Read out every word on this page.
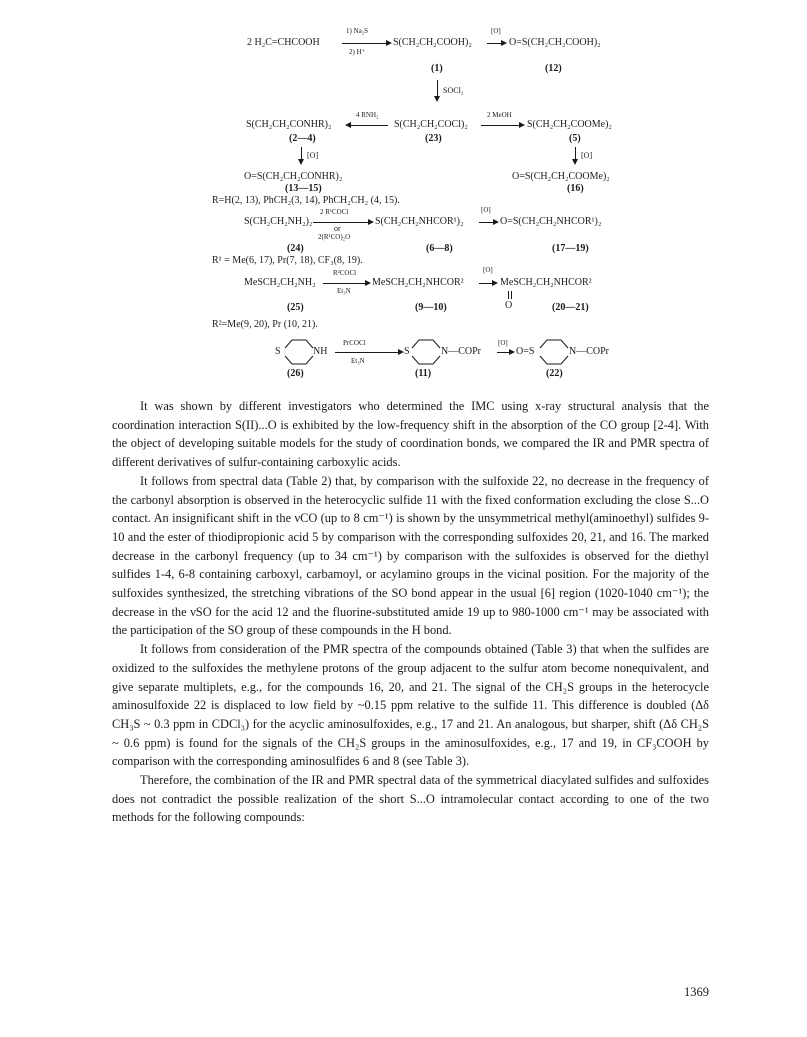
2 H₂C=CHCOOH
1) Na₂S
2) H⁺
S(CH₂CH₂COOH)₂
[O]
O=S(CH₂CH₂COOH)₂
(1)	(12)
SOCl₂
S(CH₂CH₂CONHR)₂
4 RNH₂
S(CH₂CH₂COCl)₂
2 MeOH
S(CH₂CH₂COOMe)₂
(2—4)	(23)	(5)
[O]	[O]
O=S(CH₂CH₂CONHR)₂	O=S(CH₂CH₂COOMe)₂
(13—15)	(16)
R=H(2, 13), PhCH₂(3, 14), PhCH₂CH₂ (4, 15).
S(CH₂CH₂NH₂)₂
2 R¹COCl
or
2(R¹CO)₂O
S(CH₂CH₂NHCOR¹)₂
[O]
O=S(CH₂CH₂NHCOR¹)₂
(24)	(6—8)	(17—19)
R¹ = Me(6, 17), Pr(7, 18), CF₃(8, 19).
MeSCH₂CH₂NH₂
R²COCl
Et₃N
MeSCH₂CH₂NHCOR²
[O]
MeSCH₂CH₂NHCOR²
O
(25)	(9—10)	(20—21)
R²=Me(9, 20), Pr (10, 21).
S	NH
PrCOCl
Et₃N
S	N—COPr
[O]
O=S	N—COPr
(26)	(11)	(22)

It was shown by different investigators who determined the IMC using x-ray structural analysis that the coordination interaction S(II)...O is exhibited by the low-frequency shift in the absorption of the CO group [2-4]. With the object of developing suitable models for the study of coordination bonds, we compared the IR and PMR spectra of different derivatives of sulfur-containing carboxylic acids.

It follows from spectral data (Table 2) that, by comparison with the sulfoxide 22, no decrease in the frequency of the carbonyl absorption is observed in the heterocyclic sulfide 11 with the fixed conformation excluding the close S...O contact. An insignificant shift in the νCO (up to 8 cm⁻¹) is shown by the unsymmetrical methyl(aminoethyl) sulfides 9-10 and the ester of thiodipropionic acid 5 by comparison with the corresponding sulfoxides 20, 21, and 16. The marked decrease in the carbonyl frequency (up to 34 cm⁻¹) by comparison with the sulfoxides is observed for the diethyl sulfides 1-4, 6-8 containing carboxyl, carbamoyl, or acylamino groups in the vicinal position. For the majority of the sulfoxides synthesized, the stretching vibrations of the SO bond appear in the usual [6] region (1020-1040 cm⁻¹); the decrease in the νSO for the acid 12 and the fluorine-substituted amide 19 up to 980-1000 cm⁻¹ may be associated with the participation of the SO group of these compounds in the H bond.

It follows from consideration of the PMR spectra of the compounds obtained (Table 3) that when the sulfides are oxidized to the sulfoxides the methylene protons of the group adjacent to the sulfur atom become nonequivalent, and give separate multiplets, e.g., for the compounds 16, 20, and 21. The signal of the CH₂S groups in the heterocycle aminosulfoxide 22 is displaced to low field by ~0.15 ppm relative to the sulfide 11. This difference is doubled (Δδ CH₃S ~ 0.3 ppm in CDCl₃) for the acyclic aminosulfoxides, e.g., 17 and 21. An analogous, but sharper, shift (Δδ CH₂S ~ 0.6 ppm) is found for the signals of the CH₂S groups in the aminosulfoxides, e.g., 17 and 19, in CF₃COOH by comparison with the corresponding aminosulfides 6 and 8 (see Table 3).

Therefore, the combination of the IR and PMR spectral data of the symmetrical diacylated sulfides and sulfoxides does not contradict the possible realization of the short S...O intramolecular contact according to one of the two methods for the following compounds:

1369
